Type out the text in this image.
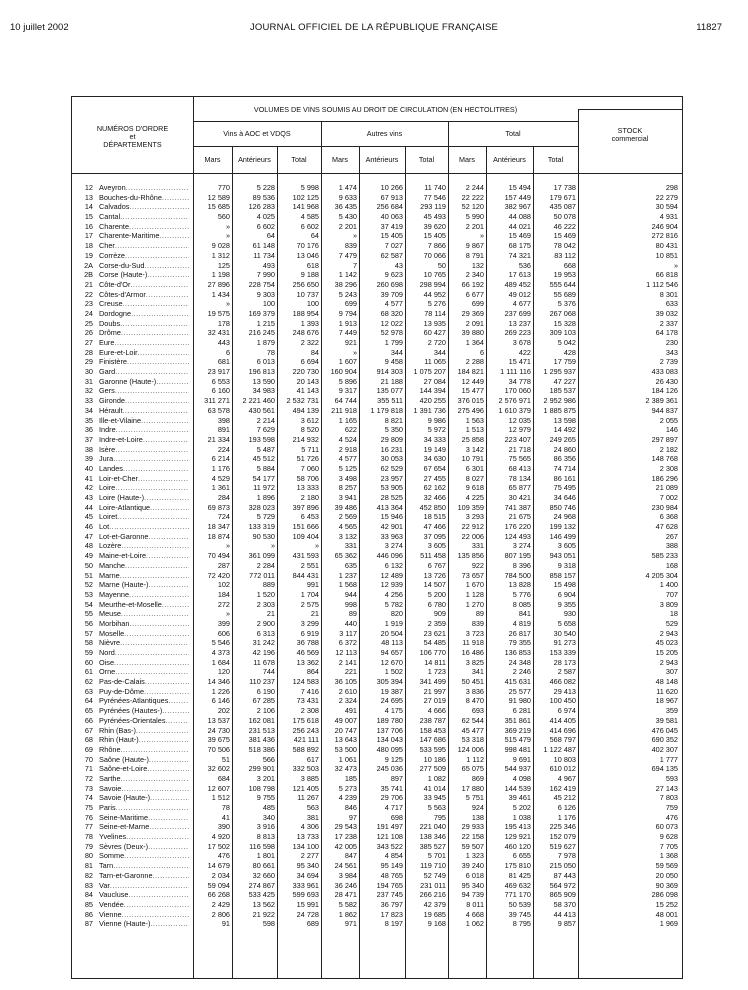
10 juillet 2002	JOURNAL OFFICIEL DE LA RÉPUBLIQUE FRANÇAISE	11827
NUMÉROS D'ORDRE
et
DÉPARTEMENTS
VOLUMES DE VINS SOUMIS AU DROIT DE CIRCULATION (EN HECTOLITRES)
Vins à AOC et VDQS	Autres vins	Total	STOCK
commercial
Mars	Antérieurs	Total	Mars	Antérieurs	Total	Mars	Antérieurs	Total
12 Aveyron .....	770	5 228	5 998	1 474	10 266	11 740	2 244	15 494	17 738	298
13 Bouches-du-Rhône .....	12 589	89 536	102 125	9 633	67 913	77 546	22 222	157 449	179 671	22 279
14 Calvados .....	15 685	126 283	141 968	36 435	256 684	293 119	52 120	382 967	435 087	30 594
15 Cantal .....	560	4 025	4 585	5 430	40 063	45 493	5 990	44 088	50 078	4 931
16 Charente .....	»	6 602	6 602	2 201	37 419	39 620	2 201	44 021	46 222	246 904
17 Charente-Maritime .....	»	64	64	»	15 405	15 405	»	15 469	15 469	272 816
18 Cher .....	9 028	61 148	70 176	839	7 027	7 866	9 867	68 175	78 042	80 431
19 Corrèze .....	1 312	11 734	13 046	7 479	62 587	70 066	8 791	74 321	83 112	10 851
2A Corse-du-Sud .....	125	493	618	7	43	50	132	536	668	»
2B Corse (Haute-) .....	1 198	7 990	9 188	1 142	9 623	10 765	2 340	17 613	19 953	66 818
21 Côte-d'Or .....	27 896	228 754	256 650	38 296	260 698	298 994	66 192	489 452	555 644	1 112 546
22 Côtes-d'Armor .....	1 434	9 303	10 737	5 243	39 709	44 952	6 677	49 012	55 689	8 301
23 Creuse .....	»	100	100	699	4 577	5 276	699	4 677	5 376	633
24 Dordogne .....	19 575	169 379	188 954	9 794	68 320	78 114	29 369	237 699	267 068	39 032
25 Doubs .....	178	1 215	1 393	1 913	12 022	13 935	2 091	13 237	15 328	2 337
26 Drôme .....	32 431	216 245	248 676	7 449	52 978	60 427	39 880	269 223	309 103	64 178
27 Eure .....	443	1 879	2 322	921	1 799	2 720	1 364	3 678	5 042	230
28 Eure-et-Loir .....	6	78	84	»	344	344	6	422	428	343
29 Finistère .....	681	6 013	6 694	1 607	9 458	11 065	2 288	15 471	17 759	2 739
30 Gard .....	23 917	196 813	220 730	160 904	914 303	1 075 207	184 821	1 111 116	1 295 937	433 083
31 Garonne (Haute-) .....	6 553	13 590	20 143	5 896	21 188	27 084	12 449	34 778	47 227	26 430
32 Gers .....	6 160	34 983	41 143	9 317	135 077	144 394	15 477	170 060	185 537	184 126
33 Gironde .....	311 271	2 221 460	2 532 731	64 744	355 511	420 255	376 015	2 576 971	2 952 986	2 389 361
34 Hérault .....	63 578	430 561	494 139	211 918	1 179 818	1 391 736	275 496	1 610 379	1 885 875	944 837
35 Ille-et-Vilaine .....	398	2 214	3 612	1 165	8 821	9 986	1 563	12 035	13 598	2 055
36 Indre .....	891	7 629	8 520	622	5 350	5 972	1 513	12 979	14 492	146
37 Indre-et-Loire .....	21 334	193 598	214 932	4 524	29 809	34 333	25 858	223 407	249 265	297 897
38 Isère .....	224	5 487	5 711	2 918	16 231	19 149	3 142	21 718	24 860	2 182
39 Jura .....	6 214	45 512	51 726	4 577	30 053	34 630	10 791	75 565	86 356	148 768
40 Landes .....	1 176	5 884	7 060	5 125	62 529	67 654	6 301	68 413	74 714	2 308
41 Loir-et-Cher .....	4 529	54 177	58 706	3 498	23 957	27 455	8 027	78 134	86 161	186 296
42 Loire .....	1 361	11 972	13 333	8 257	53 905	62 162	9 618	65 877	75 495	21 089
43 Loire (Haute-) .....	284	1 896	2 180	3 941	28 525	32 466	4 225	30 421	34 646	7 002
44 Loire-Atlantique .....	69 873	328 023	397 896	39 486	413 364	452 850	109 359	741 387	850 746	230 984
45 Loiret .....	724	5 729	6 453	2 569	15 946	18 515	3 293	21 675	24 968	6 368
46 Lot .....	18 347	133 319	151 666	4 565	42 901	47 466	22 912	176 220	199 132	47 628
47 Lot-et-Garonne .....	18 874	90 530	109 404	3 132	33 963	37 095	22 006	124 493	146 499	267
48 Lozère .....	»	»	»	331	3 274	3 605	331	3 274	3 605	388
49 Maine-et-Loire .....	70 494	361 099	431 593	65 362	446 096	511 458	135 856	807 195	943 051	585 233
50 Manche .....	287	2 284	2 551	635	6 132	6 767	922	8 396	9 318	168
51 Marne .....	72 420	772 011	844 431	1 237	12 489	13 726	73 657	784 500	858 157	4 205 304
52 Marne (Haute-) .....	102	889	991	1 568	12 939	14 507	1 670	13 828	15 498	1 400
53 Mayenne .....	184	1 520	1 704	944	4 256	5 200	1 128	5 776	6 904	707
54 Meurthe-et-Moselle .....	272	2 303	2 575	998	5 782	6 780	1 270	8 085	9 355	3 809
55 Meuse .....	»	21	21	89	820	909	89	841	930	18
56 Morbihan .....	399	2 900	3 299	440	1 919	2 359	839	4 819	5 658	529
57 Moselle .....	606	6 313	6 919	3 117	20 504	23 621	3 723	26 817	30 540	2 943
58 Nièvre .....	5 546	31 242	36 788	6 372	48 113	54 485	11 918	79 355	91 273	45 023
59 Nord .....	4 373	42 196	46 569	12 113	94 657	106 770	16 486	136 853	153 339	15 205
60 Oise .....	1 684	11 678	13 362	2 141	12 670	14 811	3 825	24 348	28 173	2 943
61 Orne .....	120	744	864	221	1 502	1 723	341	2 246	2 587	307
62 Pas-de-Calais .....	14 346	110 237	124 583	36 105	305 394	341 499	50 451	415 631	466 082	48 148
63 Puy-de-Dôme .....	1 226	6 190	7 416	2 610	19 387	21 997	3 836	25 577	29 413	11 620
64 Pyrénées-Atlantiques .....	6 146	67 285	73 431	2 324	24 695	27 019	8 470	91 980	100 450	18 967
65 Pyrénées (Hautes-) .....	202	2 106	2 308	491	4 175	4 666	693	6 281	6 974	359
66 Pyrénées-Orientales .....	13 537	162 081	175 618	49 007	189 780	238 787	62 544	351 861	414 405	39 581
67 Rhin (Bas-) .....	24 730	231 513	256 243	20 747	137 706	158 453	45 477	369 219	414 696	476 045
68 Rhin (Haut-) .....	39 675	381 436	421 111	13 643	134 043	147 686	53 318	515 479	568 797	690 352
69 Rhône .....	70 506	518 386	588 892	53 500	480 095	533 595	124 006	998 481	1 122 487	402 307
70 Saône (Haute-) .....	51	566	617	1 061	9 125	10 186	1 112	9 691	10 803	1 777
71 Saône-et-Loire .....	32 602	299 901	332 503	32 473	245 036	277 509	65 075	544 937	610 012	694 135
72 Sarthe .....	684	3 201	3 885	185	897	1 082	869	4 098	4 967	593
73 Savoie .....	12 607	108 798	121 405	5 273	35 741	41 014	17 880	144 539	162 419	27 143
74 Savoie (Haute-) .....	1 512	9 755	11 267	4 239	29 706	33 945	5 751	39 461	45 212	7 803
75 Paris .....	78	485	563	846	4 717	5 563	924	5 202	6 126	759
76 Seine-Maritime .....	41	340	381	97	698	795	138	1 038	1 176	476
77 Seine-et-Marne .....	390	3 916	4 306	29 543	191 497	221 040	29 933	195 413	225 346	60 073
78 Yvelines .....	4 920	8 813	13 733	17 238	121 108	138 346	22 158	129 921	152 079	9 628
79 Sèvres (Deux-) .....	17 502	116 598	134 100	42 005	343 522	385 527	59 507	460 120	519 627	7 705
80 Somme .....	476	1 801	2 277	847	4 854	5 701	1 323	6 655	7 978	1 368
81 Tarn .....	14 679	80 661	95 340	24 561	95 149	119 710	39 240	175 810	215 050	59 569
82 Tarn-et-Garonne .....	2 034	32 660	34 694	3 984	48 765	52 749	6 018	81 425	87 443	20 050
83 Var .....	59 094	274 867	333 961	36 246	194 765	231 011	95 340	469 632	564 972	90 369
84 Vaucluse .....	66 268	533 425	599 693	28 471	237 745	266 216	94 739	771 170	865 909	286 098
85 Vendée .....	2 429	13 562	15 991	5 582	36 797	42 379	8 011	50 539	58 370	15 252
86 Vienne .....	2 806	21 922	24 728	1 862	17 823	19 685	4 668	39 745	44 413	48 001
87 Vienne (Haute-) .....	91	598	689	971	8 197	9 168	1 062	8 795	9 857	1 969
